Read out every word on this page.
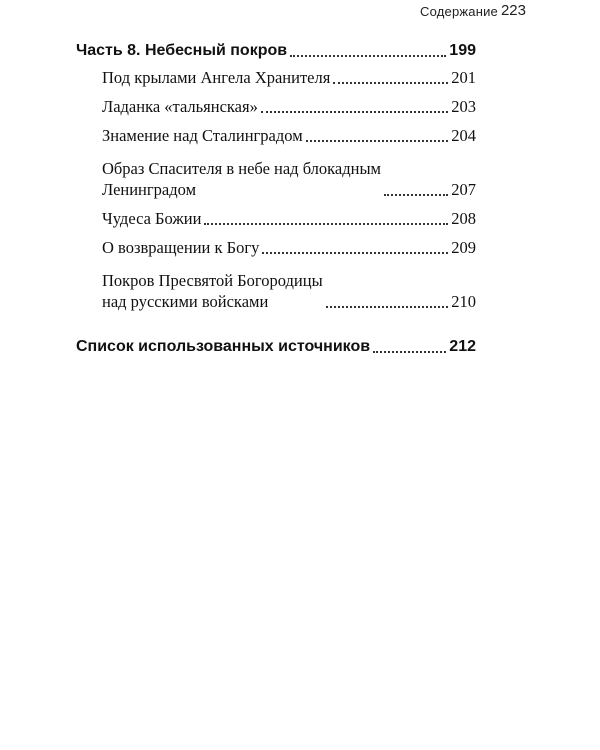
Содержание 223
Часть 8. Небесный покров	199
Под крылами Ангела Хранителя	201
Ладанка «тальянская»	203
Знамение над Сталинградом	204
Образ Спасителя в небе над блокадным
Ленинградом	207
Чудеса Божии	208
О возвращении к Богу	209
Покров Пресвятой Богородицы
над русскими войсками	210
Список использованных источников	212
